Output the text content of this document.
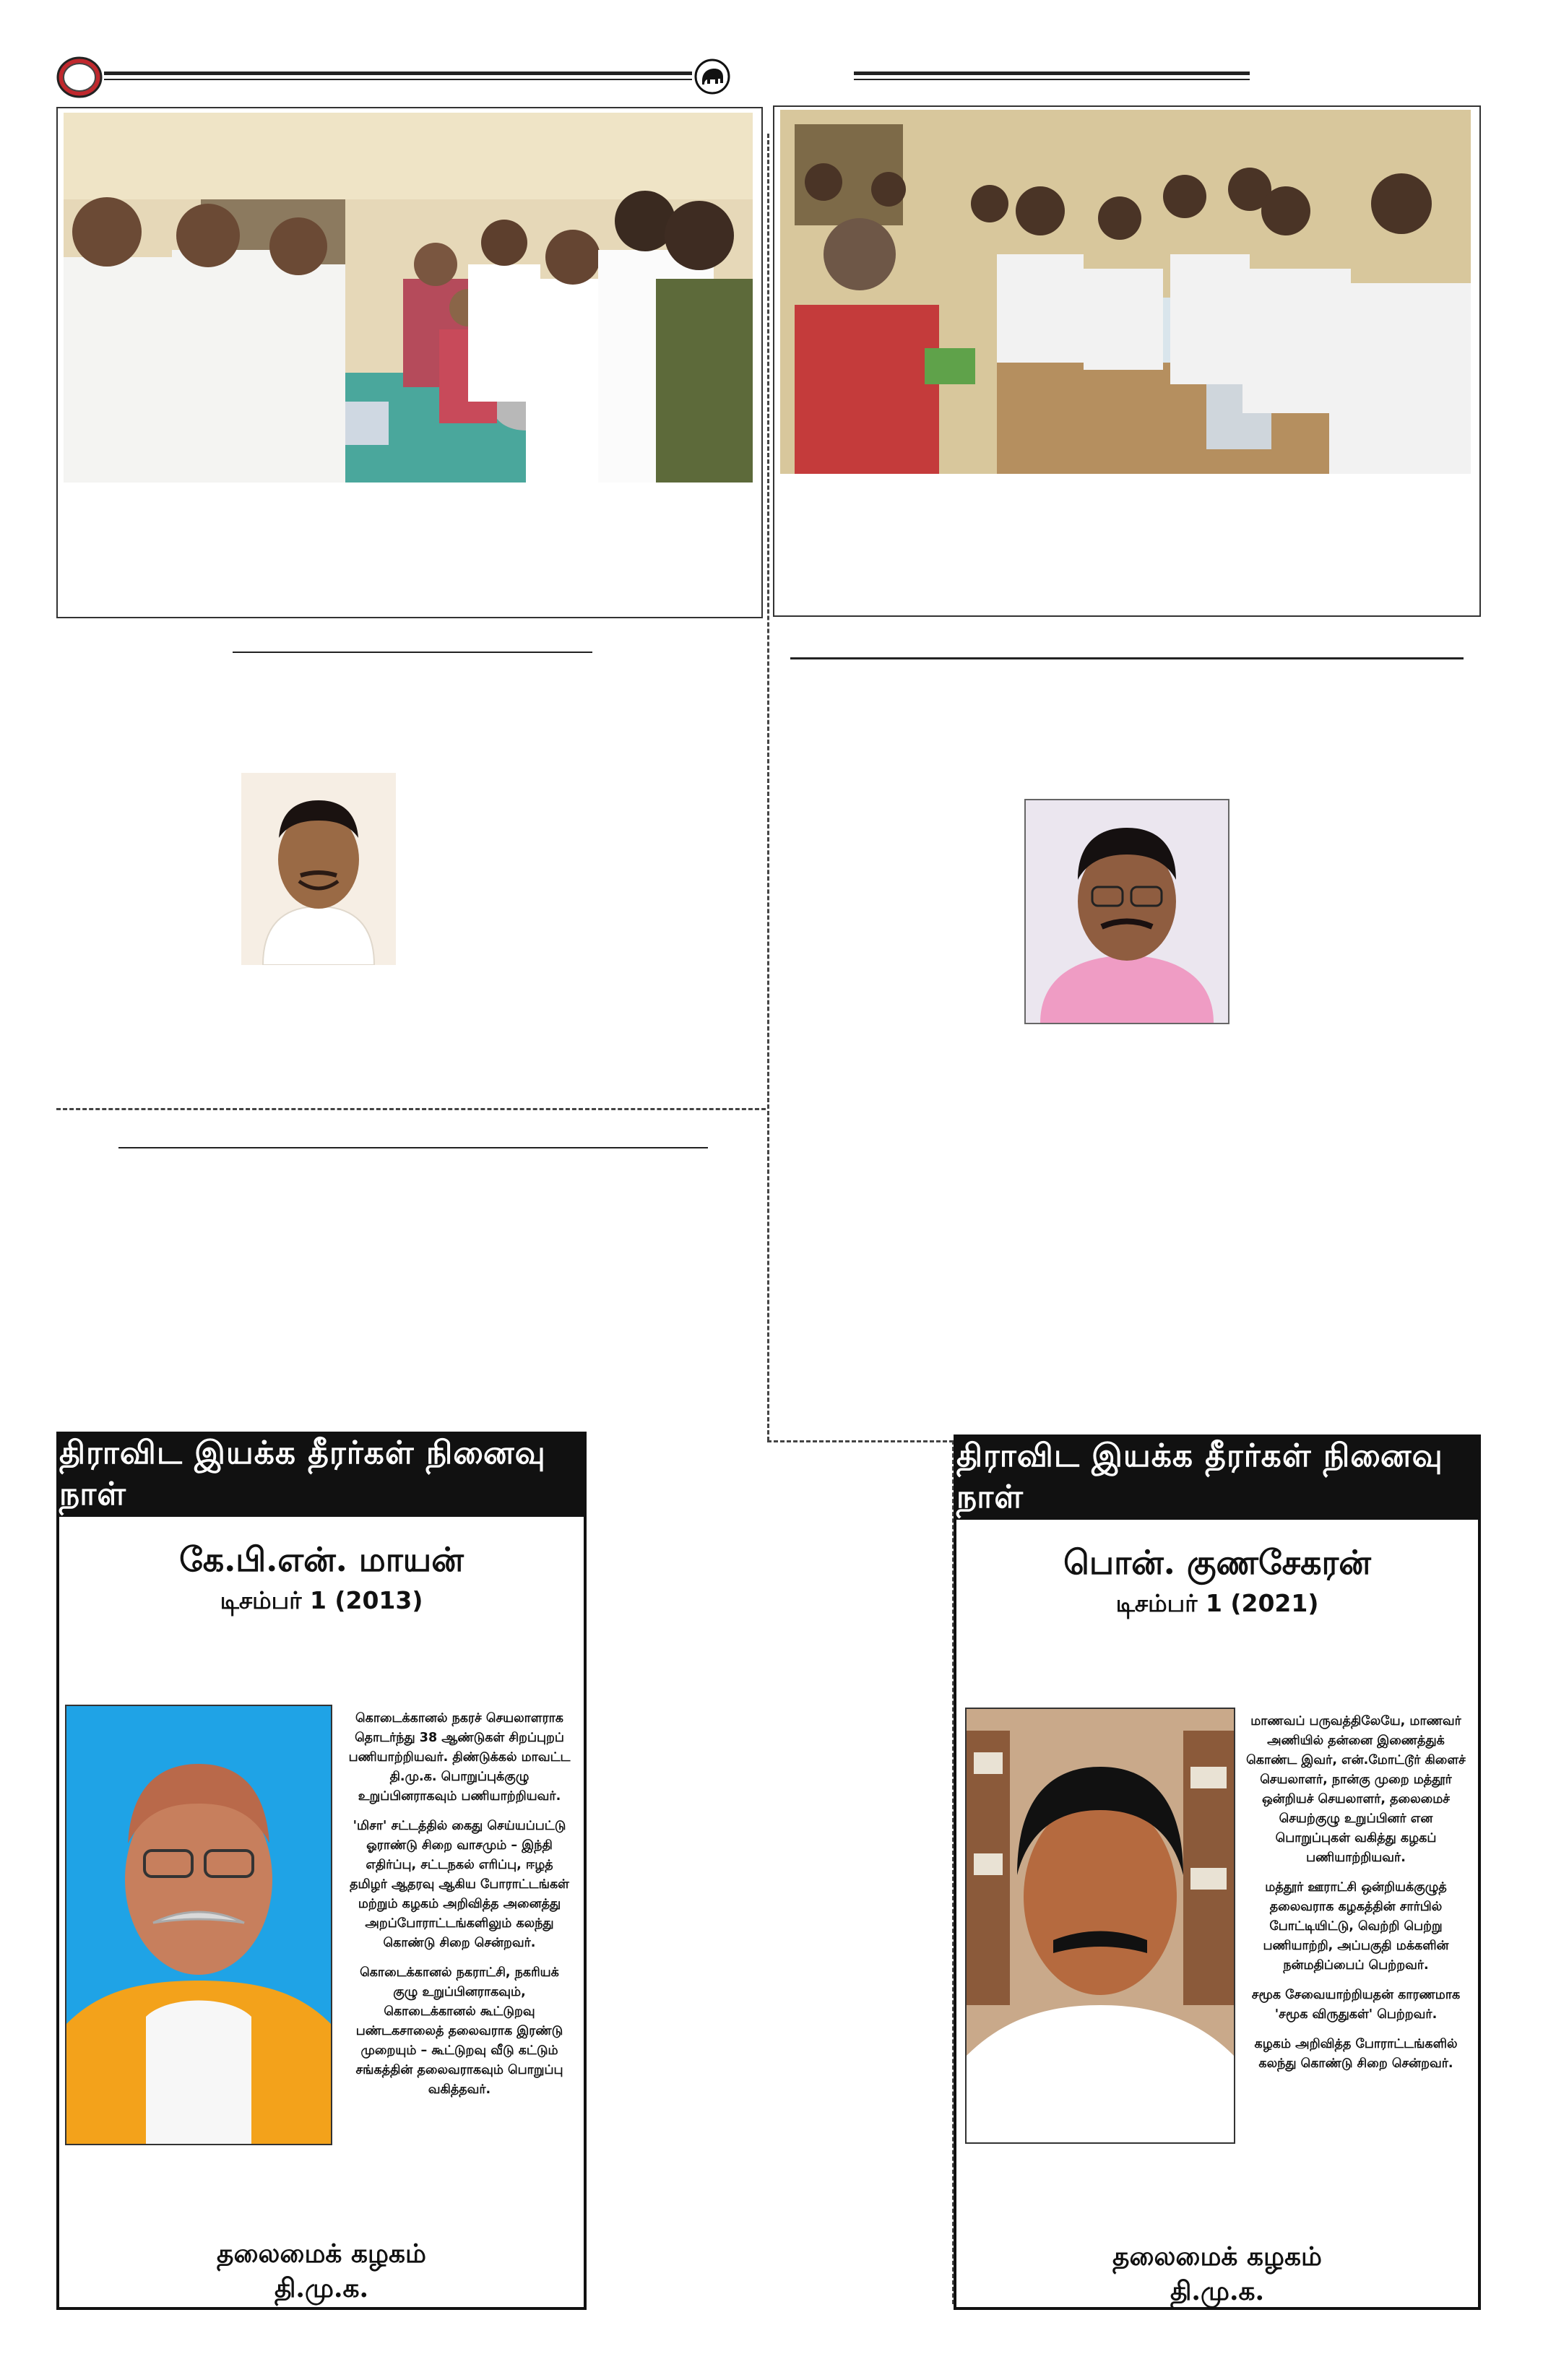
திராவிட இயக்க தீரர்கள் நினைவு நாள்
கே.பி.என். மாயன்
டிசம்பர் 1 (2013)

கொடைக்கானல் நகரச் செயலாளராக தொடர்ந்து 38 ஆண்டுகள் சிறப்புறப் பணியாற்றியவர். திண்டுக்கல் மாவட்ட தி.மு.க. பொறுப்புக்குழு உறுப்பினராகவும் பணியாற்றியவர்.

'மிசா' சட்டத்தில் கைது செய்யப்பட்டு ஓராண்டு சிறை வாசமும் – இந்தி எதிர்ப்பு, சட்டநகல் எரிப்பு, ஈழத் தமிழர் ஆதரவு ஆகிய போராட்டங்கள் மற்றும் கழகம் அறிவித்த அனைத்து அறப்போராட்டங்களிலும் கலந்து கொண்டு சிறை சென்றவர்.

கொடைக்கானல் நகராட்சி, நகரியக் குழு உறுப்பினராகவும், கொடைக்கானல் கூட்டுறவு பண்டகசாலைத் தலைவராக இரண்டு முறையும் – கூட்டுறவு வீடு கட்டும் சங்கத்தின் தலைவராகவும் பொறுப்பு வகித்தவர்.

தலைமைக் கழகம்
தி.மு.க.
திராவிட இயக்க தீரர்கள் நினைவு நாள்
பொன். குணசேகரன்
டிசம்பர் 1 (2021)

மாணவப் பருவத்திலேயே, மாணவர் அணியில் தன்னை இணைத்துக் கொண்ட இவர், என்.மோட்டூர் கிளைச் செயலாளர், நான்கு முறை மத்தூர் ஒன்றியச் செயலாளர், தலைமைச் செயற்குழு உறுப்பினர் என பொறுப்புகள் வகித்து கழகப் பணியாற்றியவர்.

மத்தூர் ஊராட்சி ஒன்றியக்குழுத் தலைவராக கழகத்தின் சார்பில் போட்டியிட்டு, வெற்றி பெற்று பணியாற்றி, அப்பகுதி மக்களின் நன்மதிப்பைப் பெற்றவர்.

சமூக சேவையாற்றியதன் காரணமாக 'சமூக விருதுகள்' பெற்றவர்.

கழகம் அறிவித்த போராட்டங்களில் கலந்து கொண்டு சிறை சென்றவர்.

தலைமைக் கழகம்
தி.மு.க.
